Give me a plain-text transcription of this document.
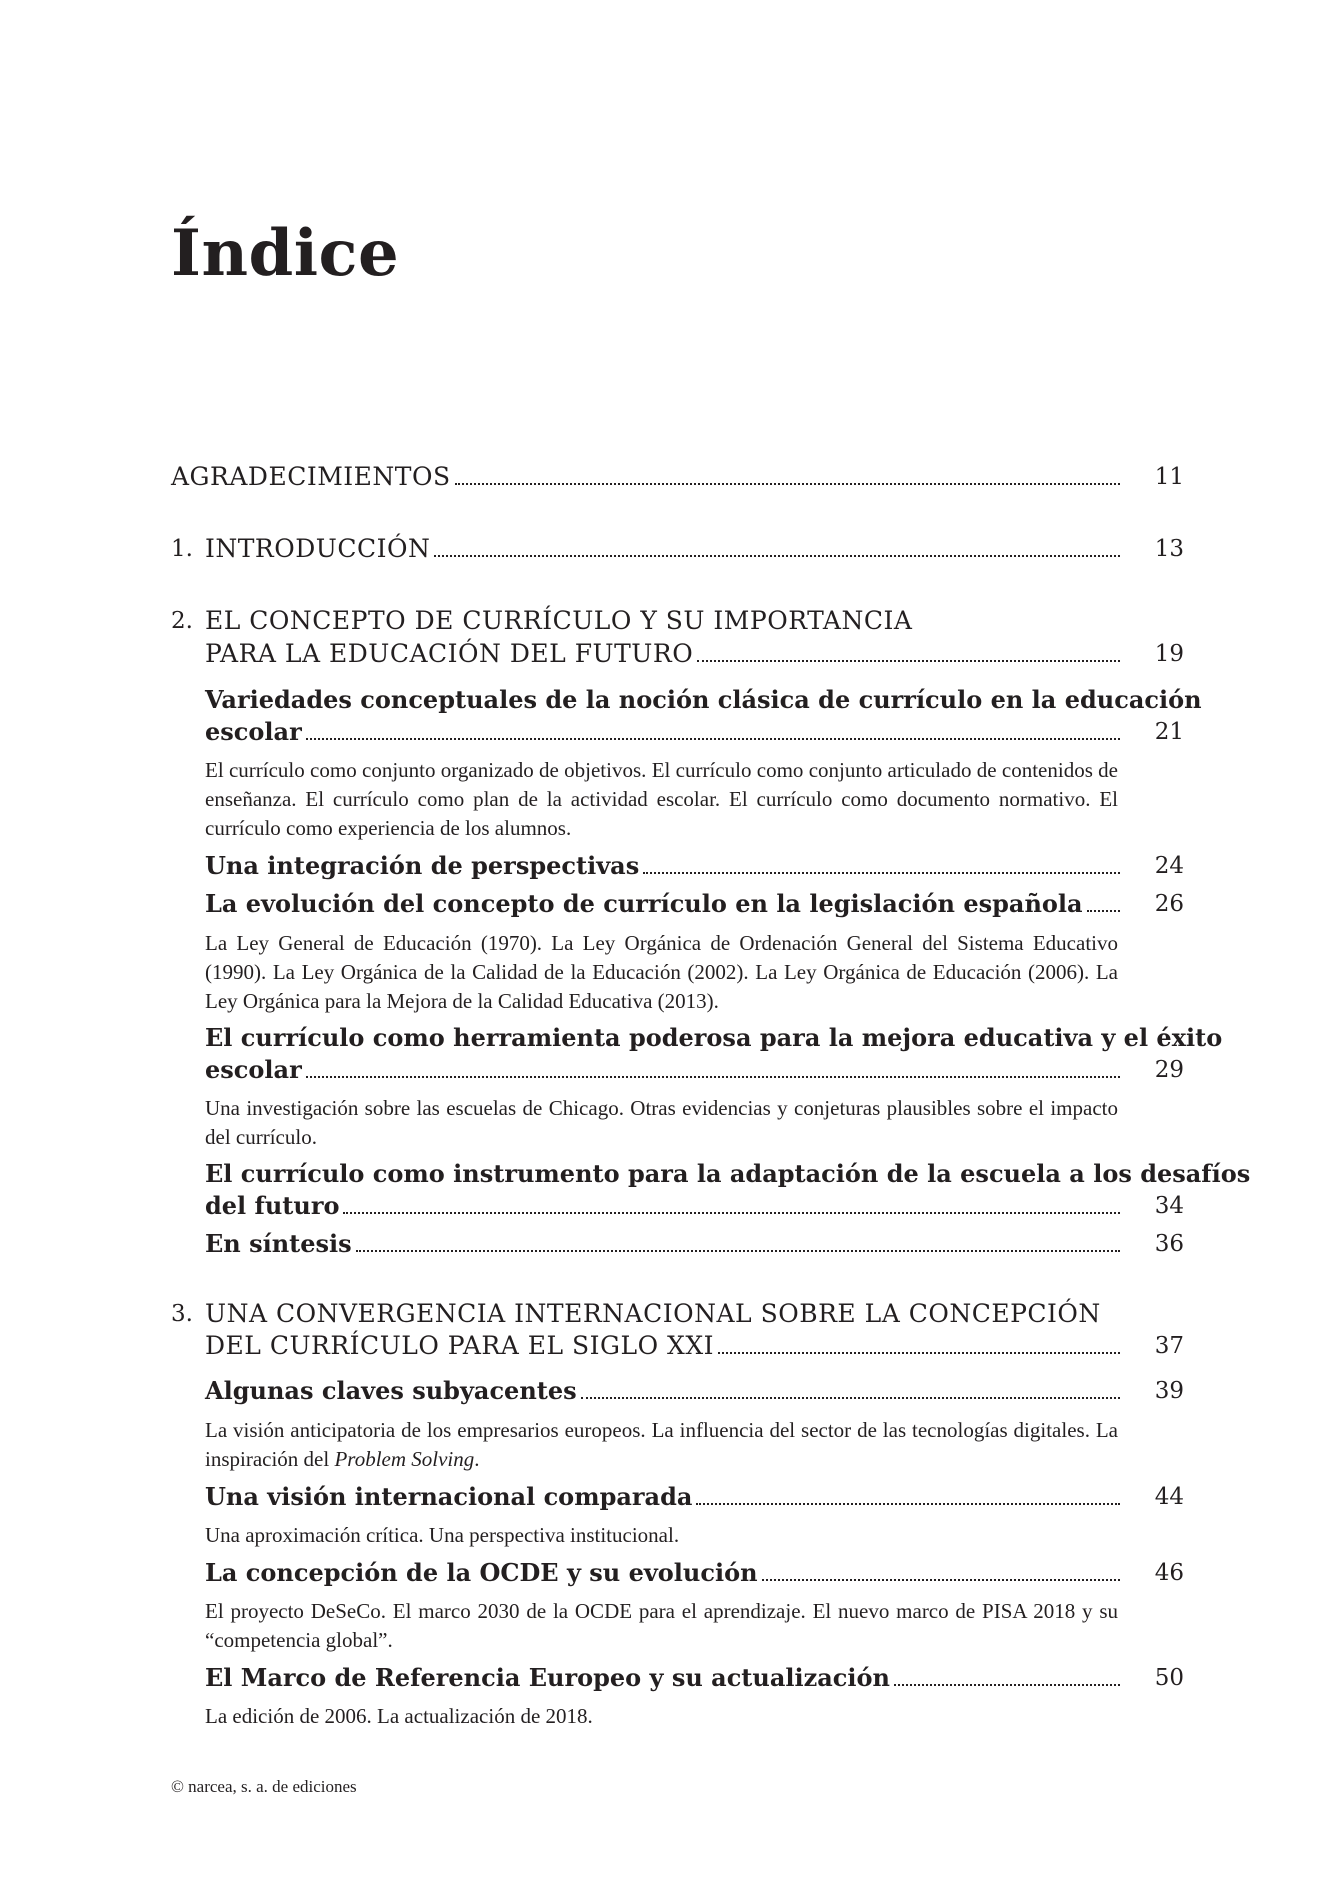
Índice
AGRADECIMIENTOS	11
1. INTRODUCCIÓN	13
2. EL CONCEPTO DE CURRÍCULO Y SU IMPORTANCIA
PARA LA EDUCACIÓN DEL FUTURO	19
Variedades conceptuales de la noción clásica de currículo en la educación
escolar	21

El currículo como conjunto organizado de objetivos. El currículo como conjunto articulado de contenidos de enseñanza. El currículo como plan de la actividad escolar. El currículo como documento normativo. El currículo como experiencia de los alumnos.

Una integración de perspectivas	24
La evolución del concepto de currículo en la legislación española	26

La Ley General de Educación (1970). La Ley Orgánica de Ordenación General del Sistema Educativo (1990). La Ley Orgánica de la Calidad de la Educación (2002). La Ley Orgánica de Educación (2006). La Ley Orgánica para la Mejora de la Calidad Educativa (2013).

El currículo como herramienta poderosa para la mejora educativa y el éxito
escolar	29

Una investigación sobre las escuelas de Chicago. Otras evidencias y conjeturas plausibles sobre el impacto del currículo.

El currículo como instrumento para la adaptación de la escuela a los desafíos
del futuro	34
En síntesis	36
3. UNA CONVERGENCIA INTERNACIONAL SOBRE LA CONCEPCIÓN
DEL CURRÍCULO PARA EL SIGLO XXI	37
Algunas claves subyacentes	39

La visión anticipatoria de los empresarios europeos. La influencia del sector de las tecnologías digitales. La inspiración del Problem Solving.

Una visión internacional comparada	44

Una aproximación crítica. Una perspectiva institucional.

La concepción de la OCDE y su evolución	46

El proyecto DeSeCo. El marco 2030 de la OCDE para el aprendizaje. El nuevo marco de PISA 2018 y su “competencia global”.

El Marco de Referencia Europeo y su actualización	50

La edición de 2006. La actualización de 2018.

© narcea, s. a. de ediciones
